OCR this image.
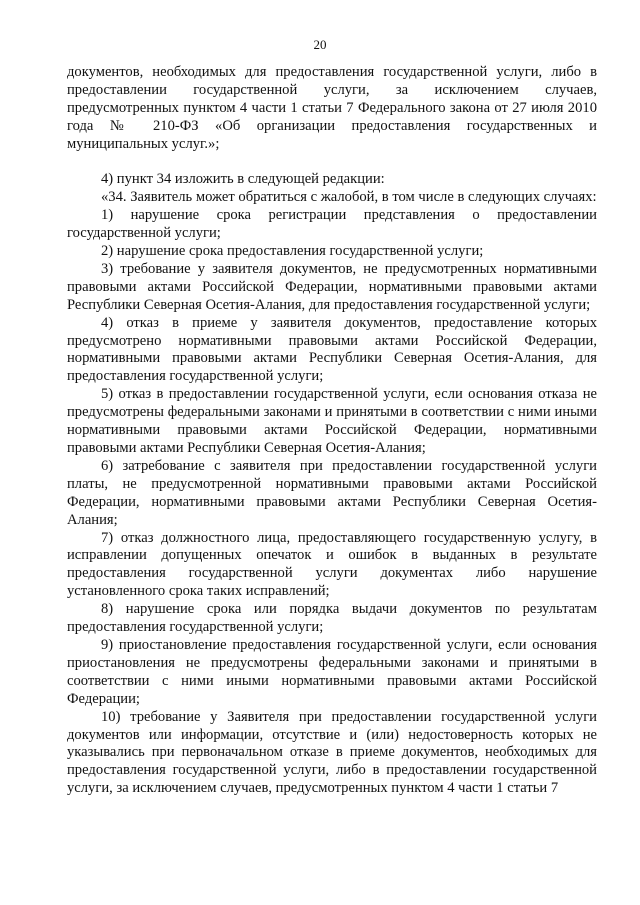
20

документов, необходимых для предоставления государственной услуги, либо в предоставлении государственной услуги, за исключением случаев, предусмотренных пунктом 4 части 1 статьи 7 Федерального закона от 27 июля 2010 года № 210-ФЗ «Об организации предоставления государственных и муниципальных услуг.»;

4) пункт 34 изложить в следующей редакции:

«34. Заявитель может обратиться с жалобой, в том числе в следующих случаях:

1) нарушение срока регистрации представления о предоставлении государственной услуги;

2) нарушение срока предоставления государственной услуги;

3) требование у заявителя документов, не предусмотренных нормативными правовыми актами Российской Федерации, нормативными правовыми актами Республики Северная Осетия-Алания, для предоставления государственной услуги;

4) отказ в приеме у заявителя документов, предоставление которых предусмотрено нормативными правовыми актами Российской Федерации, нормативными правовыми актами Республики Северная Осетия-Алания, для предоставления государственной услуги;

5) отказ в предоставлении государственной услуги, если основания отказа не предусмотрены федеральными законами и принятыми в соответствии с ними иными нормативными правовыми актами Российской Федерации, нормативными правовыми актами Республики Северная Осетия-Алания;

6) затребование с заявителя при предоставлении государственной услуги платы, не предусмотренной нормативными правовыми актами Российской Федерации, нормативными правовыми актами Республики Северная Осетия-Алания;

7) отказ должностного лица, предоставляющего государственную услугу, в исправлении допущенных опечаток и ошибок в выданных в результате предоставления государственной услуги документах либо нарушение установленного срока таких исправлений;

8) нарушение срока или порядка выдачи документов по результатам предоставления государственной услуги;

9) приостановление предоставления государственной услуги, если основания приостановления не предусмотрены федеральными законами и принятыми в соответствии с ними иными нормативными правовыми актами Российской Федерации;

10) требование у Заявителя при предоставлении государственной услуги документов или информации, отсутствие и (или) недостоверность которых не указывались при первоначальном отказе в приеме документов, необходимых для предоставления государственной услуги, либо в предоставлении государственной услуги, за исключением случаев, предусмотренных пунктом 4 части 1 статьи 7
